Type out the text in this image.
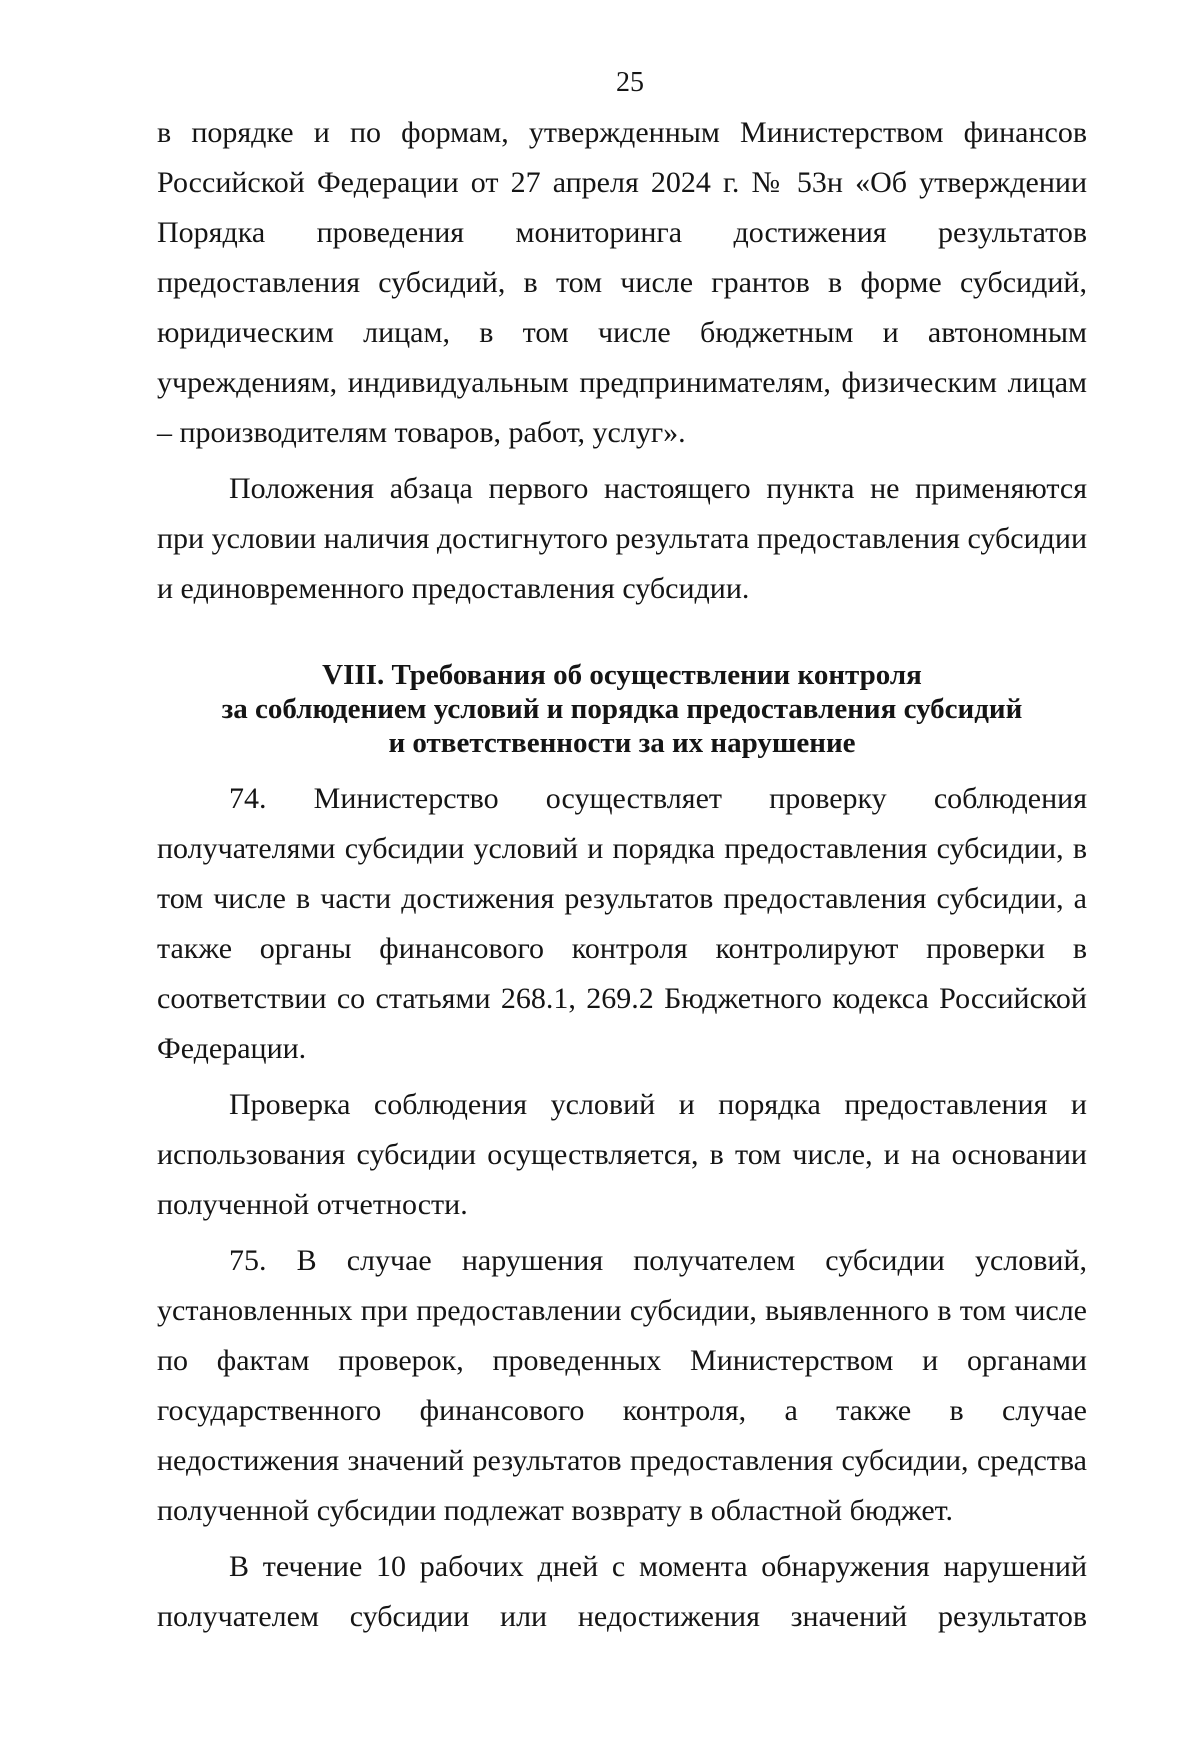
25

в порядке и по формам, утвержденным Министерством финансов Российской Федерации от 27 апреля 2024 г. № 53н «Об утверждении Порядка проведения мониторинга достижения результатов предоставления субсидий, в том числе грантов в форме субсидий, юридическим лицам, в том числе бюджетным и автономным учреждениям, индивидуальным предпринимателям, физическим лицам – производителям товаров, работ, услуг».

Положения абзаца первого настоящего пункта не применяются при условии наличия достигнутого результата предоставления субсидии и единовременного предоставления субсидии.

VIII. Требования об осуществлении контроля
за соблюдением условий и порядка предоставления субсидий
и ответственности за их нарушение

74. Министерство осуществляет проверку соблюдения получателями субсидии условий и порядка предоставления субсидии, в том числе в части достижения результатов предоставления субсидии, а также органы финансового контроля контролируют проверки в соответствии со статьями 268.1, 269.2 Бюджетного кодекса Российской Федерации.

Проверка соблюдения условий и порядка предоставления и использования субсидии осуществляется, в том числе, и на основании полученной отчетности.

75. В случае нарушения получателем субсидии условий, установленных при предоставлении субсидии, выявленного в том числе по фактам проверок, проведенных Министерством и органами государственного финансового контроля, а также в случае недостижения значений результатов предоставления субсидии, средства полученной субсидии подлежат возврату в областной бюджет.

В течение 10 рабочих дней с момента обнаружения нарушений получателем субсидии или недостижения значений результатов
